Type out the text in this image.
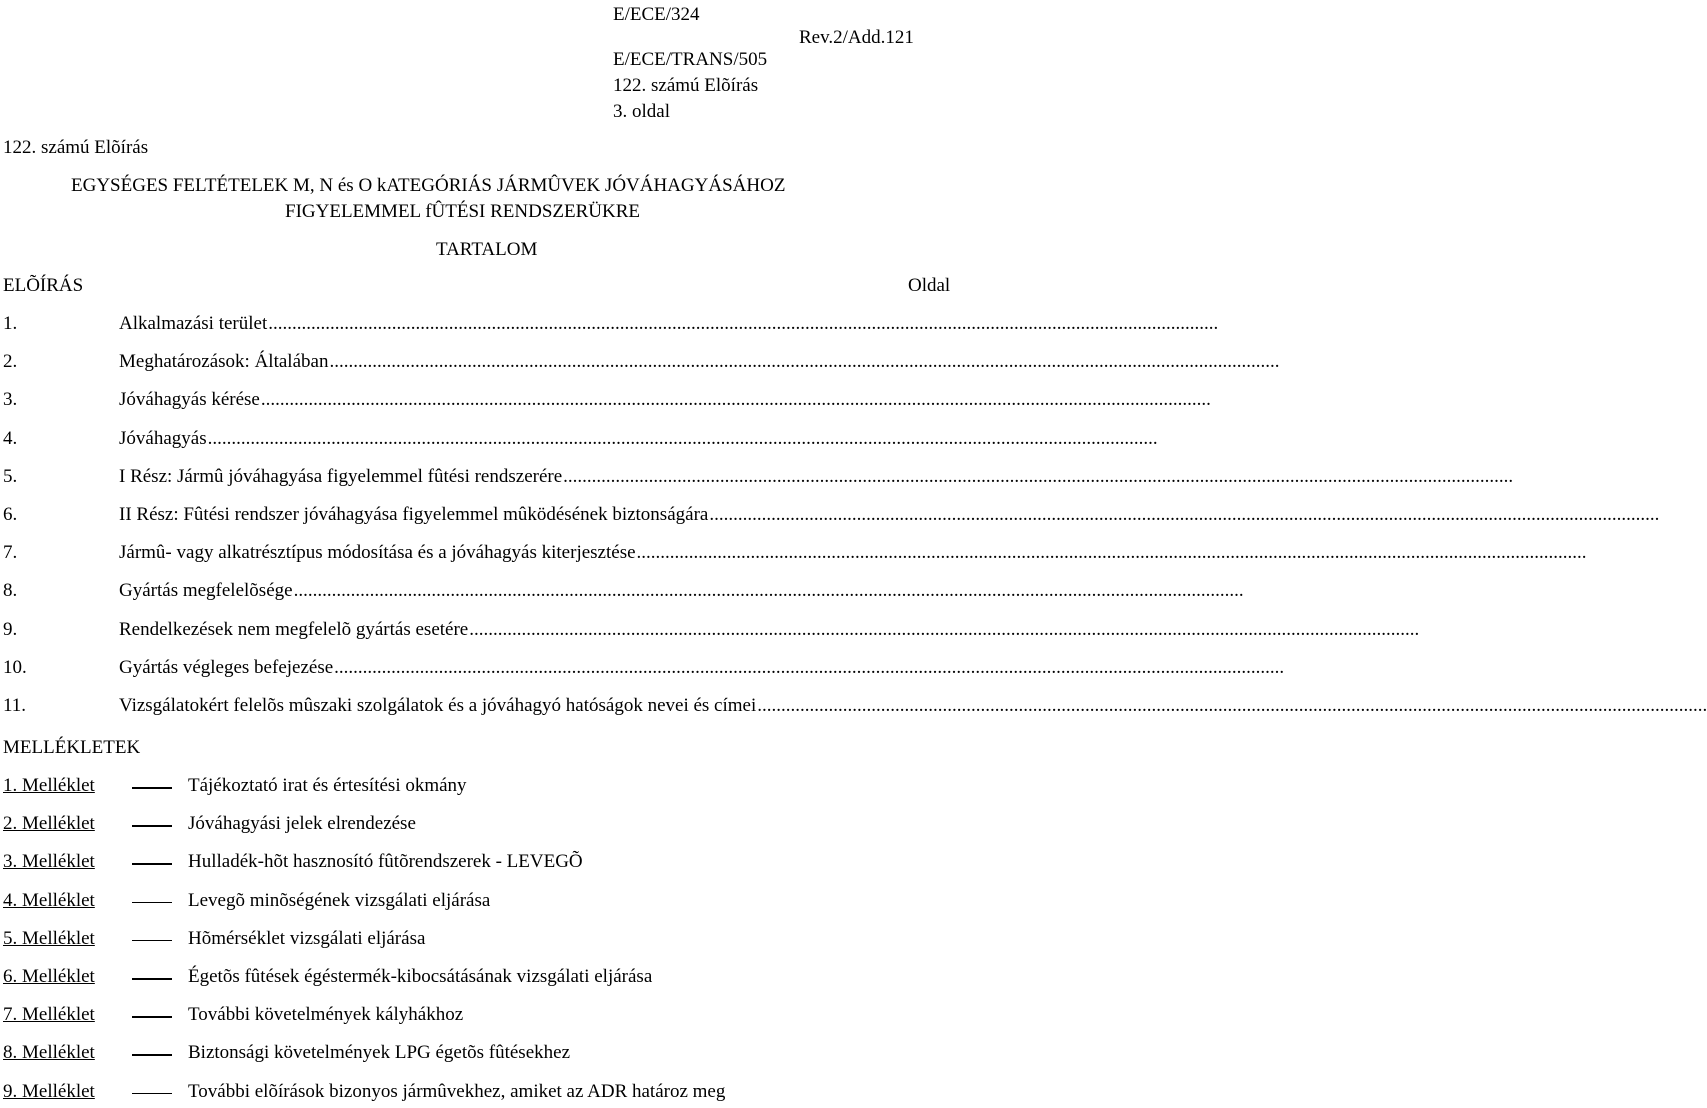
E/ECE/324
Rev.2/Add.121
E/ECE/TRANS/505
122. számú Elõírás
3. oldal
122. számú Elõírás
EGYSÉGES FELTÉTELEK M, N és O kATEGÓRIÁS JÁRMÛVEK JÓVÁHAGYÁSÁHOZ
FIGYELEMMEL fÛTÉSI RENDSZERÜKRE
TARTALOM
ELÕÍRÁS	Oldal
1.	Alkalmazási terület ........................................................................................................................................................................................................
2.	Meghatározások: Általában ........................................................................................................................................................................................................
3.	Jóváhagyás kérése ........................................................................................................................................................................................................
4.	Jóváhagyás ........................................................................................................................................................................................................
5.	I Rész: Jármû jóváhagyása figyelemmel fûtési rendszerére ........................................................................................................................................................................................................
6.	II Rész: Fûtési rendszer jóváhagyása figyelemmel mûködésének biztonságára ........................................................................................................................................................................................................
7.	Jármû- vagy alkatrésztípus módosítása és a jóváhagyás kiterjesztése ........................................................................................................................................................................................................
8.	Gyártás megfelelõsége ........................................................................................................................................................................................................
9.	Rendelkezések nem megfelelõ gyártás esetére ........................................................................................................................................................................................................
10.	Gyártás végleges befejezése ........................................................................................................................................................................................................
11.	Vizsgálatokért felelõs mûszaki szolgálatok és a jóváhagyó hatóságok nevei és címei ........................................................................................................................................................................................................
MELLÉKLETEK
1. Melléklet	Tájékoztató irat és értesítési okmány
2. Melléklet	Jóváhagyási jelek elrendezése
3. Melléklet	Hulladék-hõt hasznosító fûtõrendszerek - LEVEGÕ
4. Melléklet	Levegõ minõségének vizsgálati eljárása
5. Melléklet	Hõmérséklet vizsgálati eljárása
6. Melléklet	Égetõs fûtések égéstermék-kibocsátásának vizsgálati eljárása
7. Melléklet	További követelmények kályhákhoz
8. Melléklet	Biztonsági követelmények LPG égetõs fûtésekhez
9. Melléklet	További elõírások bizonyos jármûvekhez, amiket az ADR határoz meg
